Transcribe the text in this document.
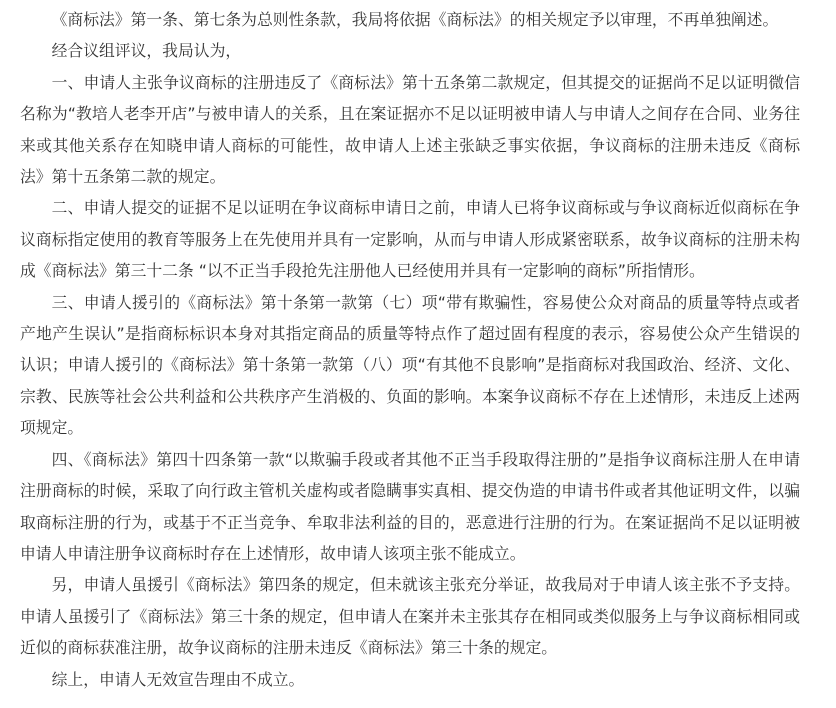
《商标法》第一条、第七条为总则性条款，我局将依据《商标法》的相关规定予以审理，不再单独阐述。

经合议组评议，我局认为，

一、申请人主张争议商标的注册违反了《商标法》第十五条第二款规定，但其提交的证据尚不足以证明微信名称为“教培人老李开店”与被申请人的关系，且在案证据亦不足以证明被申请人与申请人之间存在合同、业务往来或其他关系存在知晓申请人商标的可能性，故申请人上述主张缺乏事实依据，争议商标的注册未违反《商标法》第十五条第二款的规定。

二、申请人提交的证据不足以证明在争议商标申请日之前，申请人已将争议商标或与争议商标近似商标在争议商标指定使用的教育等服务上在先使用并具有一定影响，从而与申请人形成紧密联系，故争议商标的注册未构成《商标法》第三十二条 “以不正当手段抢先注册他人已经使用并具有一定影响的商标”所指情形。

三、申请人援引的《商标法》第十条第一款第（七）项“带有欺骗性，容易使公众对商品的质量等特点或者产地产生误认”是指商标标识本身对其指定商品的质量等特点作了超过固有程度的表示，容易使公众产生错误的认识；申请人援引的《商标法》第十条第一款第（八）项“有其他不良影响”是指商标对我国政治、经济、文化、宗教、民族等社会公共利益和公共秩序产生消极的、负面的影响。本案争议商标不存在上述情形，未违反上述两项规定。

四、《商标法》第四十四条第一款“以欺骗手段或者其他不正当手段取得注册的”是指争议商标注册人在申请注册商标的时候，采取了向行政主管机关虚构或者隐瞒事实真相、提交伪造的申请书件或者其他证明文件，以骗取商标注册的行为，或基于不正当竞争、牟取非法利益的目的，恶意进行注册的行为。在案证据尚不足以证明被申请人申请注册争议商标时存在上述情形，故申请人该项主张不能成立。

另，申请人虽援引《商标法》第四条的规定，但未就该主张充分举证，故我局对于申请人该主张不予支持。申请人虽援引了《商标法》第三十条的规定，但申请人在案并未主张其存在相同或类似服务上与争议商标相同或近似的商标获准注册，故争议商标的注册未违反《商标法》第三十条的规定。

综上，申请人无效宣告理由不成立。
